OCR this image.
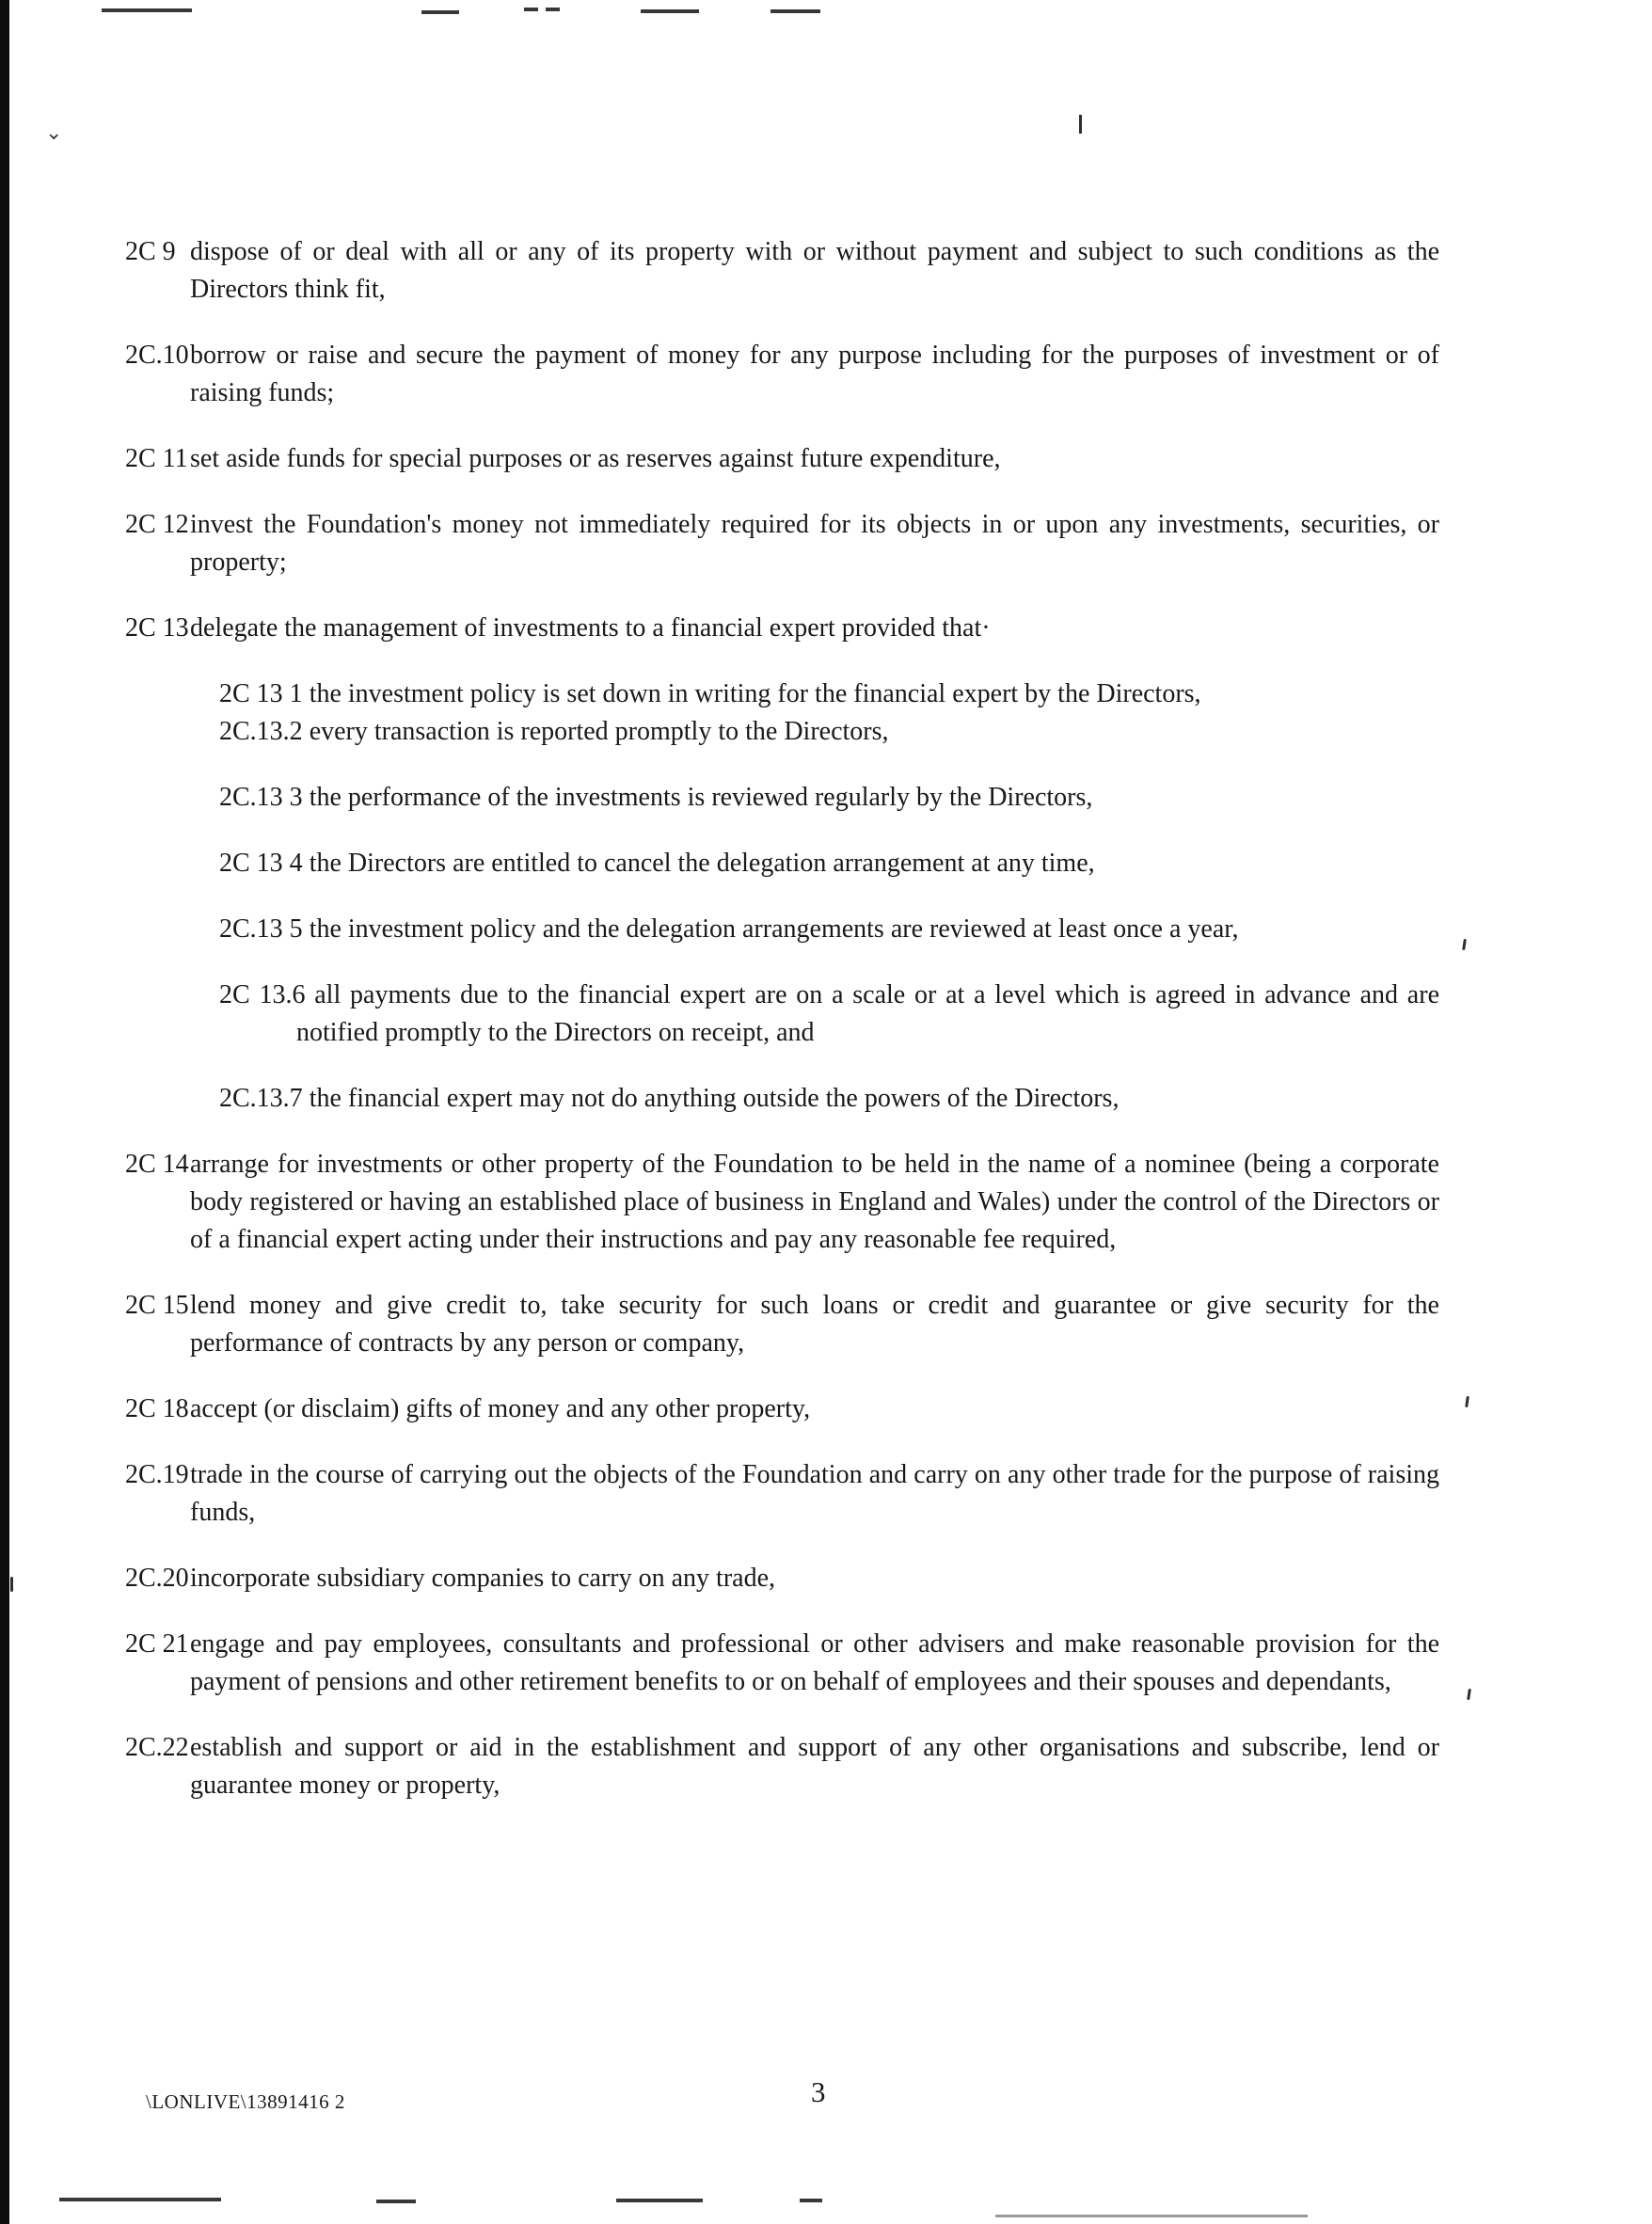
⌄
2C 9 dispose of or deal with all or any of its property with or without payment and subject to such conditions as the Directors think fit,
2C.10 borrow or raise and secure the payment of money for any purpose including for the purposes of investment or of raising funds;
2C 11 set aside funds for special purposes or as reserves against future expenditure,
2C 12 invest the Foundation's money not immediately required for its objects in or upon any investments, securities, or property;
2C 13 delegate the management of investments to a financial expert provided that·
2C 13 1 the investment policy is set down in writing for the financial expert by the Directors,
2C.13.2 every transaction is reported promptly to the Directors,
2C.13 3 the performance of the investments is reviewed regularly by the Directors,
2C 13 4 the Directors are entitled to cancel the delegation arrangement at any time,
2C.13 5 the investment policy and the delegation arrangements are reviewed at least once a year,
2C 13.6 all payments due to the financial expert are on a scale or at a level which is agreed in advance and are notified promptly to the Directors on receipt, and
2C.13.7 the financial expert may not do anything outside the powers of the Directors,
2C 14 arrange for investments or other property of the Foundation to be held in the name of a nominee (being a corporate body registered or having an established place of business in England and Wales) under the control of the Directors or of a financial expert acting under their instructions and pay any reasonable fee required,
2C 15 lend money and give credit to, take security for such loans or credit and guarantee or give security for the performance of contracts by any person or company,
2C 18 accept (or disclaim) gifts of money and any other property,
2C.19 trade in the course of carrying out the objects of the Foundation and carry on any other trade for the purpose of raising funds,
2C.20 incorporate subsidiary companies to carry on any trade,
2C 21 engage and pay employees, consultants and professional or other advisers and make reasonable provision for the payment of pensions and other retirement benefits to or on behalf of employees and their spouses and dependants,
2C.22 establish and support or aid in the establishment and support of any other organisations and subscribe, lend or guarantee money or property,
\LONLIVE\13891416 2	3
